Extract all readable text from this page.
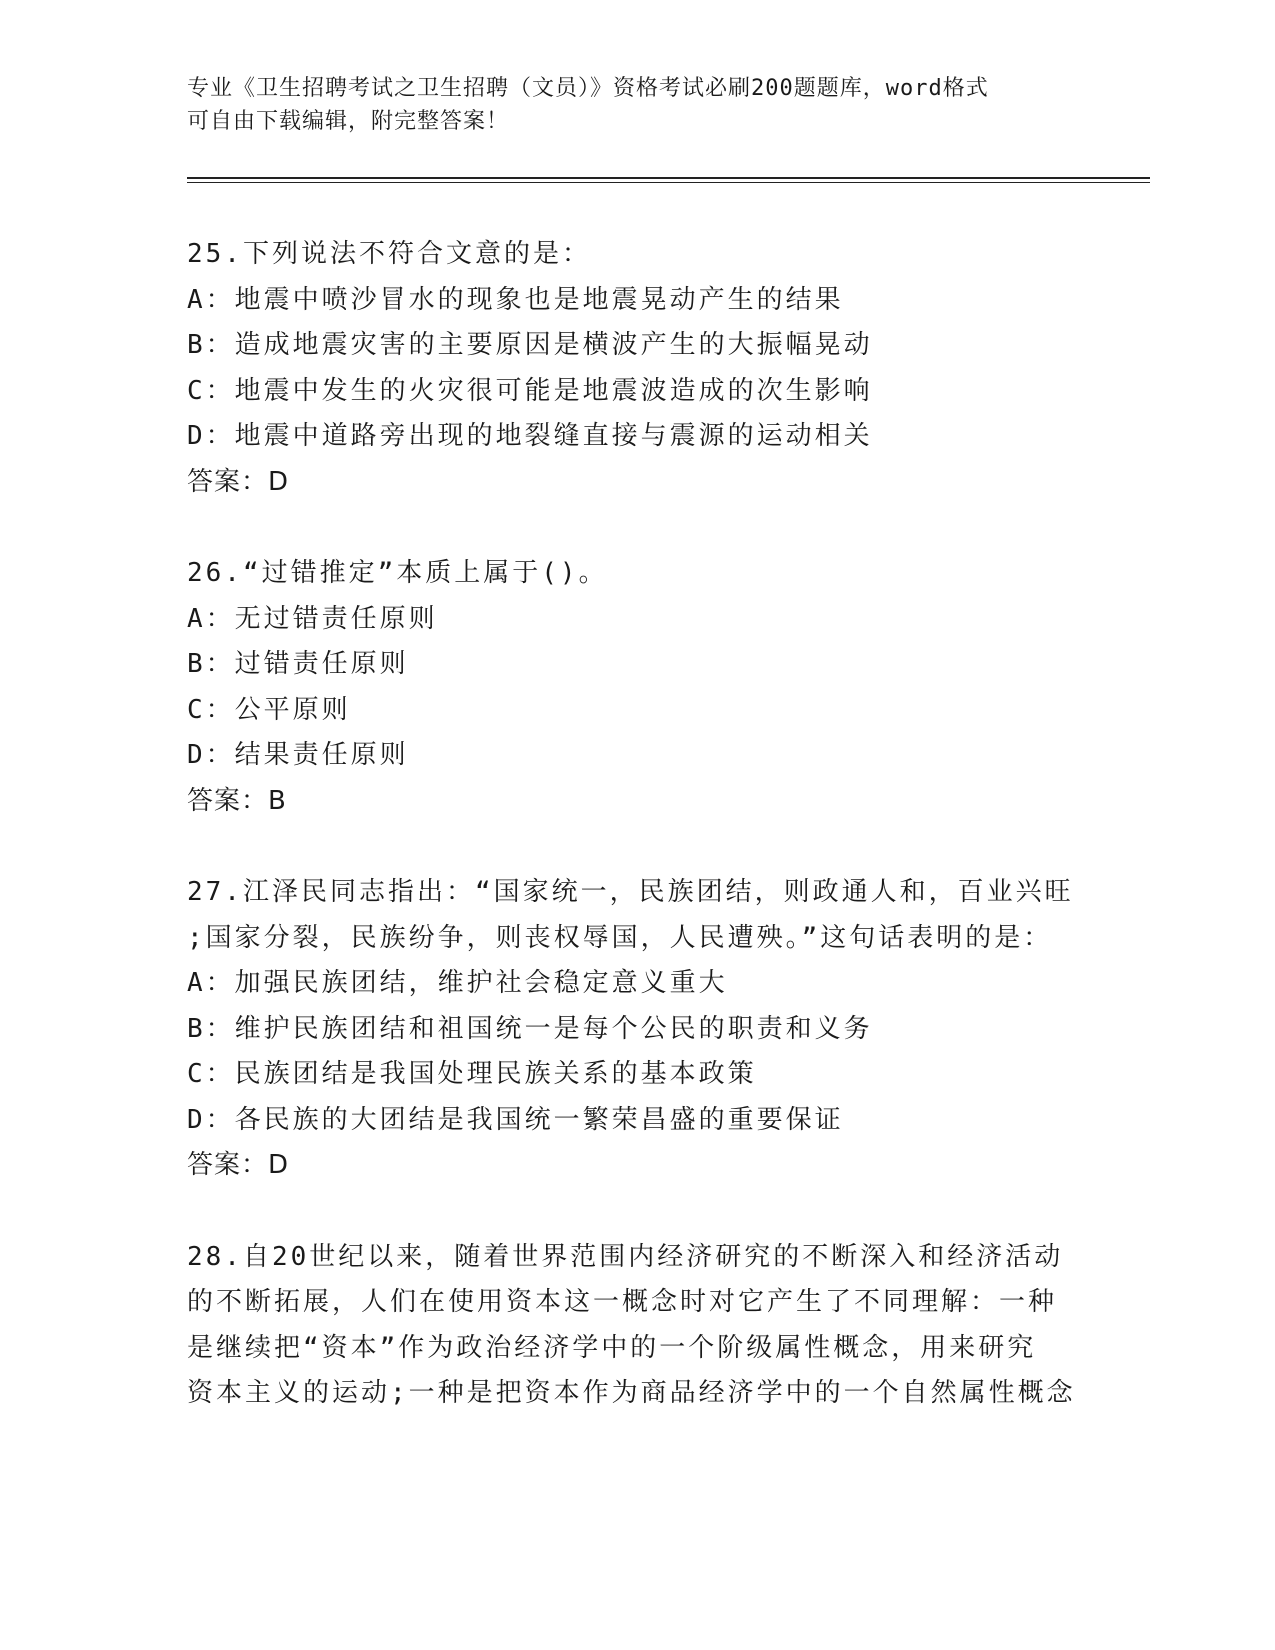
专业《卫生招聘考试之卫生招聘（文员）》资格考试必刷200题题库，word格式
可自由下载编辑，附完整答案！
25.下列说法不符合文意的是：
A：地震中喷沙冒水的现象也是地震晃动产生的结果
B：造成地震灾害的主要原因是横波产生的大振幅晃动
C：地震中发生的火灾很可能是地震波造成的次生影响
D：地震中道路旁出现的地裂缝直接与震源的运动相关
答案：D
26.“过错推定”本质上属于()。
A：无过错责任原则
B：过错责任原则
C：公平原则
D：结果责任原则
答案：B
27.江泽民同志指出：“国家统一，民族团结，则政通人和，百业兴旺
;国家分裂，民族纷争，则丧权辱国，人民遭殃。”这句话表明的是：
A：加强民族团结，维护社会稳定意义重大
B：维护民族团结和祖国统一是每个公民的职责和义务
C：民族团结是我国处理民族关系的基本政策
D：各民族的大团结是我国统一繁荣昌盛的重要保证
答案：D
28.自20世纪以来，随着世界范围内经济研究的不断深入和经济活动
的不断拓展，人们在使用资本这一概念时对它产生了不同理解：一种
是继续把“资本”作为政治经济学中的一个阶级属性概念，用来研究
资本主义的运动;一种是把资本作为商品经济学中的一个自然属性概念
